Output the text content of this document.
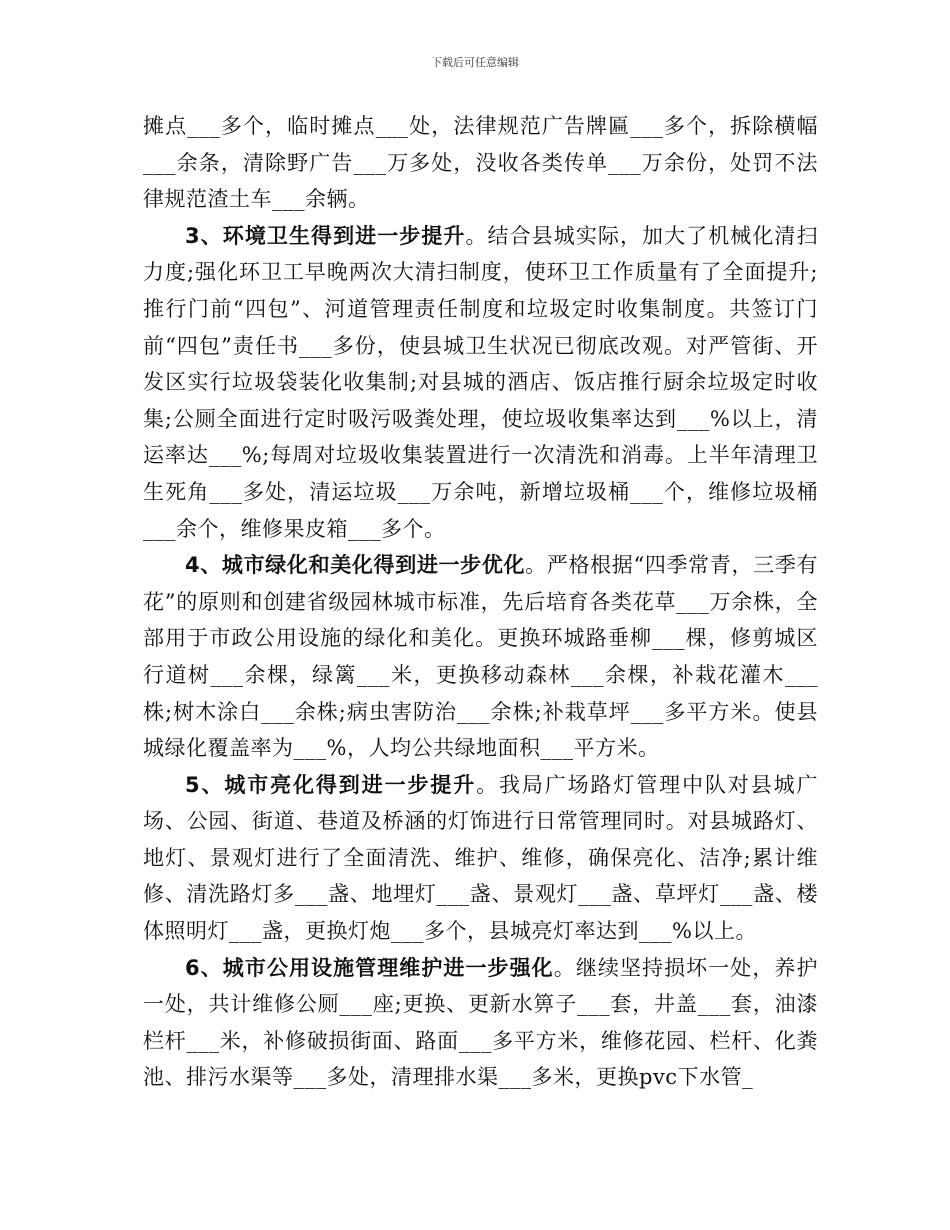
下载后可任意编辑

摊点___多个，临时摊点___处，法律规范广告牌匾___多个，拆除横幅___余条，清除野广告___万多处，没收各类传单___万余份，处罚不法律规范渣土车___余辆。

3、环境卫生得到进一步提升。结合县城实际，加大了机械化清扫力度;强化环卫工早晚两次大清扫制度，使环卫工作质量有了全面提升;推行门前“四包”、河道管理责任制度和垃圾定时收集制度。共签订门前“四包”责任书___多份，使县城卫生状况已彻底改观。对严管街、开发区实行垃圾袋装化收集制;对县城的酒店、饭店推行厨余垃圾定时收集;公厕全面进行定时吸污吸粪处理，使垃圾收集率达到___%以上，清运率达___%;每周对垃圾收集装置进行一次清洗和消毒。上半年清理卫生死角___多处，清运垃圾___万余吨，新增垃圾桶___个，维修垃圾桶___余个，维修果皮箱___多个。

4、城市绿化和美化得到进一步优化。严格根据“四季常青，三季有花”的原则和创建省级园林城市标准，先后培育各类花草___万余株，全部用于市政公用设施的绿化和美化。更换环城路垂柳___棵，修剪城区行道树___余棵，绿篱___米，更换移动森林___余棵，补栽花灌木___株;树木涂白___余株;病虫害防治___余株;补栽草坪___多平方米。使县城绿化覆盖率为___%，人均公共绿地面积___平方米。

5、城市亮化得到进一步提升。我局广场路灯管理中队对县城广场、公园、街道、巷道及桥涵的灯饰进行日常管理同时。对县城路灯、地灯、景观灯进行了全面清洗、维护、维修，确保亮化、洁净;累计维修、清洗路灯多___盏、地埋灯___盏、景观灯___盏、草坪灯___盏、楼体照明灯___盏，更换灯炮___多个，县城亮灯率达到___%以上。

6、城市公用设施管理维护进一步强化。继续坚持损坏一处，养护一处，共计维修公厕___座;更换、更新水箅子___套，井盖___套，油漆栏杆___米，补修破损街面、路面___多平方米，维修花园、栏杆、化粪池、排污水渠等___多处，清理排水渠___多米，更换pvc下水管_
